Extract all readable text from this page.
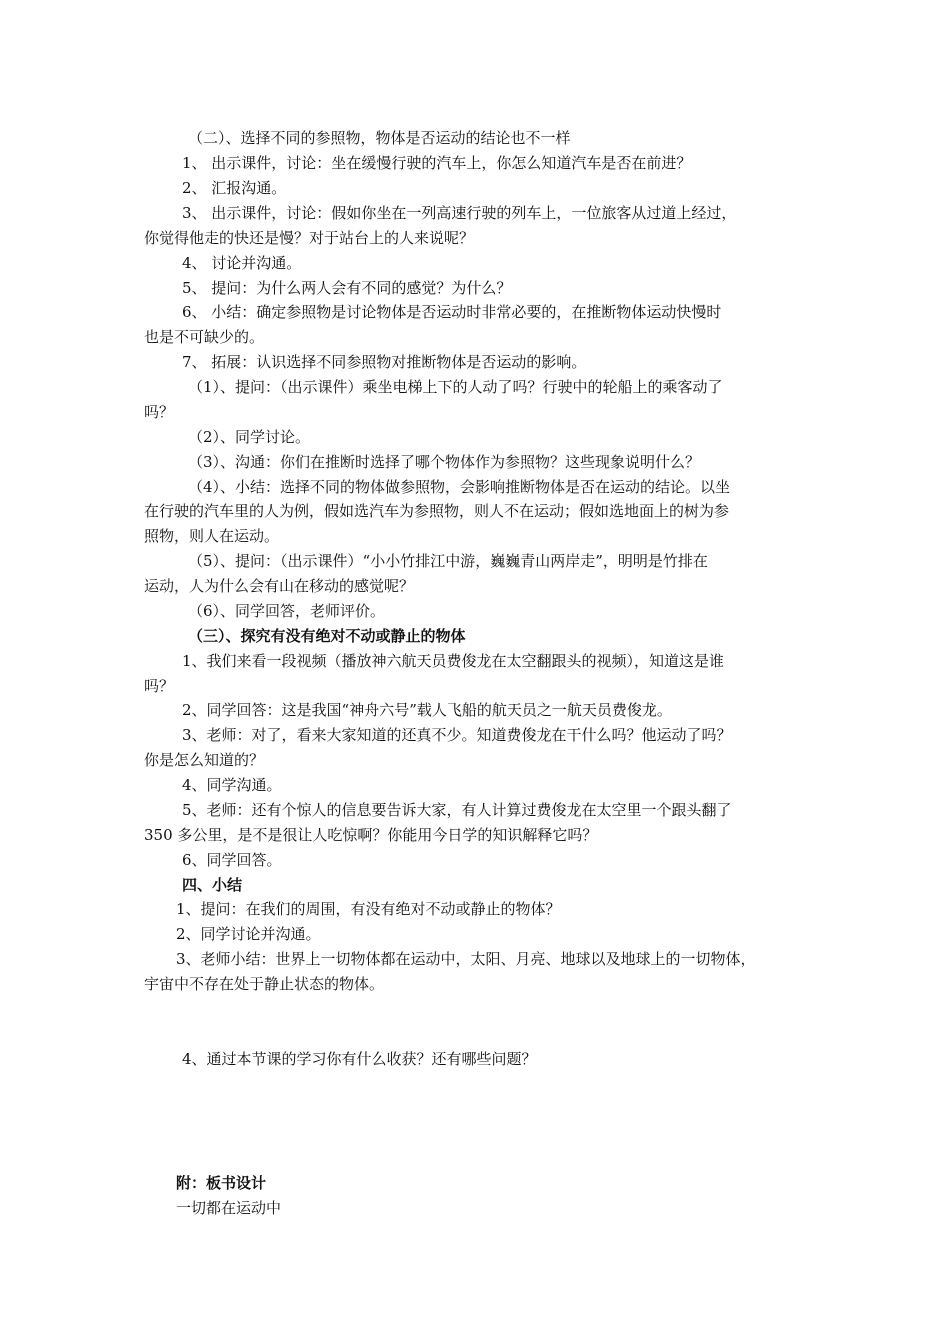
（二）、选择不同的参照物，物体是否运动的结论也不一样
1、 出示课件，讨论：坐在缓慢行驶的汽车上，你怎么知道汽车是否在前进？
2、 汇报沟通。
3、 出示课件，讨论：假如你坐在一列高速行驶的列车上，一位旅客从过道上经过，
你觉得他走的快还是慢？对于站台上的人来说呢？
4、 讨论并沟通。
5、 提问：为什么两人会有不同的感觉？为什么？
6、 小结：确定参照物是讨论物体是否运动时非常必要的，在推断物体运动快慢时
也是不可缺少的。
7、 拓展：认识选择不同参照物对推断物体是否运动的影响。
（1）、提问：（出示课件）乘坐电梯上下的人动了吗？行驶中的轮船上的乘客动了
吗？
（2）、同学讨论。
（3）、沟通：你们在推断时选择了哪个物体作为参照物？这些现象说明什么？
（4）、小结：选择不同的物体做参照物，会影响推断物体是否在运动的结论。以坐
在行驶的汽车里的人为例，假如选汽车为参照物，则人不在运动；假如选地面上的树为参
照物，则人在运动。
（5）、提问：（出示课件）“小小竹排江中游，巍巍青山两岸走”，明明是竹排在
运动，人为什么会有山在移动的感觉呢？
（6）、同学回答，老师评价。
（三）、探究有没有绝对不动或静止的物体
1、我们来看一段视频（播放神六航天员费俊龙在太空翻跟头的视频），知道这是谁
吗？
2、同学回答：这是我国“神舟六号”载人飞船的航天员之一航天员费俊龙。
3、老师：对了，看来大家知道的还真不少。知道费俊龙在干什么吗？他运动了吗？
你是怎么知道的？
4、同学沟通。
5、老师：还有个惊人的信息要告诉大家，有人计算过费俊龙在太空里一个跟头翻了
350 多公里，是不是很让人吃惊啊？你能用今日学的知识解释它吗？
6、同学回答。
四、小结
1、提问：在我们的周围，有没有绝对不动或静止的物体？
2、同学讨论并沟通。
3、老师小结：世界上一切物体都在运动中，太阳、月亮、地球以及地球上的一切物体，
宇宙中不存在处于静止状态的物体。
4、通过本节课的学习你有什么收获？还有哪些问题？
附：板书设计
一切都在运动中
